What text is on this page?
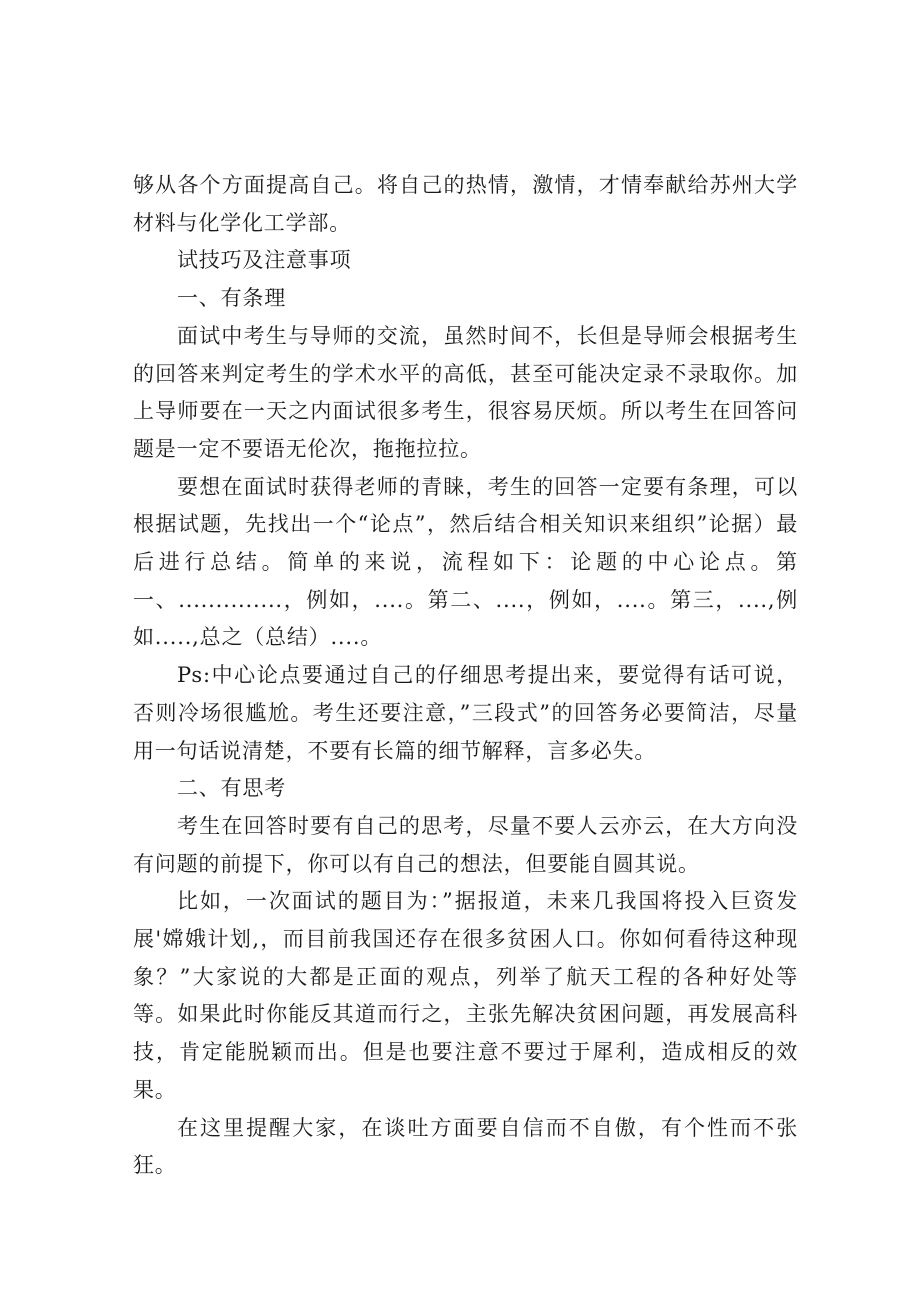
够从各个方面提高自己。将自己的热情，激情，才情奉献给苏州大学材料与化学化工学部。

试技巧及注意事项

一、有条理

面试中考生与导师的交流，虽然时间不，长但是导师会根据考生的回答来判定考生的学术水平的高低，甚至可能决定录不录取你。加上导师要在一天之内面试很多考生，很容易厌烦。所以考生在回答问题是一定不要语无伦次，拖拖拉拉。

要想在面试时获得老师的青睐，考生的回答一定要有条理，可以根据试题，先找出一个“论点”，然后结合相关知识来组织”论据）最后进行总结。简单的来说，流程如下：论题的中心论点。第一、..............，例如，....。第二、....，例如，....。第三，....,例如.....,总之（总结）....。

Ps:中心论点要通过自己的仔细思考提出来，要觉得有话可说，否则冷场很尴尬。考生还要注意，”三段式”的回答务必要简洁，尽量用一句话说清楚，不要有长篇的细节解释，言多必失。

二、有思考

考生在回答时要有自己的思考，尽量不要人云亦云，在大方向没有问题的前提下，你可以有自己的想法，但要能自圆其说。

比如，一次面试的题目为：”据报道，未来几我国将投入巨资发展'嫦娥计划,，而目前我国还存在很多贫困人口。你如何看待这种现象？”大家说的大都是正面的观点，列举了航天工程的各种好处等等。如果此时你能反其道而行之，主张先解决贫困问题，再发展高科技，肯定能脱颖而出。但是也要注意不要过于犀利，造成相反的效果。

在这里提醒大家，在谈吐方面要自信而不自傲，有个性而不张狂。
